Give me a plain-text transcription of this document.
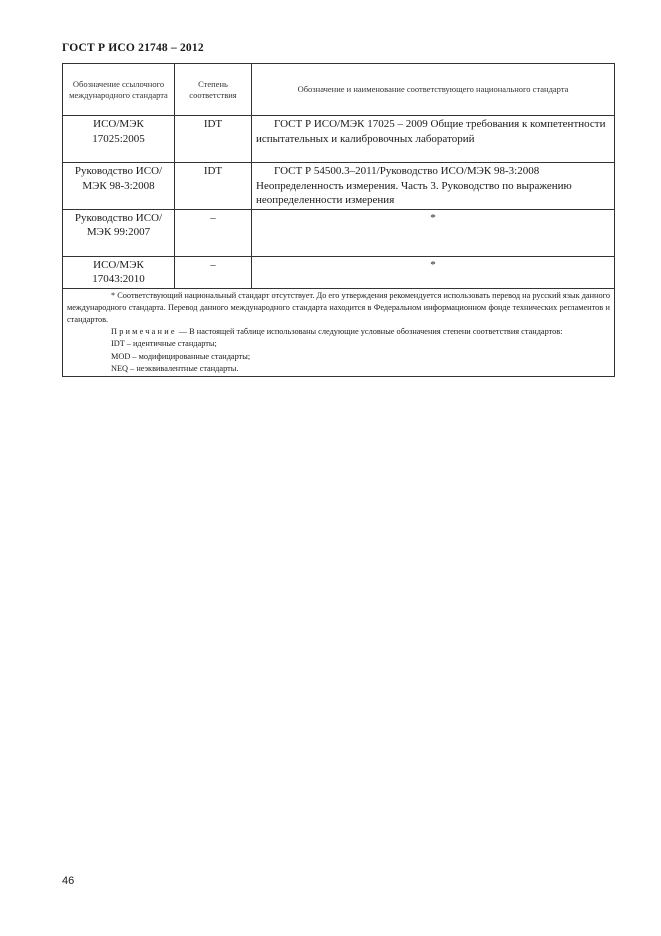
ГОСТ Р ИСО 21748 – 2012
Обозначение ссылочного международного стандарта	Степень соответствия	Обозначение и наименование соответствующего национального стандарта
ИСО/МЭК 17025:2005	IDT	ГОСТ Р ИСО/МЭК 17025 – 2009 Общие требования к компетентности испытательных и калибровочных лабораторий
Руководство ИСО/МЭК 98-3:2008	IDT	ГОСТ Р 54500.3–2011/Руководство ИСО/МЭК 98-3:2008 Неопределенность измерения. Часть 3. Руководство по выражению неопределенности измерения
Руководство ИСО/МЭК 99:2007	–	*
ИСО/МЭК 17043:2010	–	*

* Соответствующий национальный стандарт отсутствует. До его утверждения рекомендуется использовать перевод на русский язык данного международного стандарта. Перевод данного международного стандарта находится в Федеральном информационном фонде технических регламентов и стандартов.

Примечание — В настоящей таблице использованы следующие условные обозначения степени соответствия стандартов:

IDT – идентичные стандарты;

MOD – модифицированные стандарты;

NEQ – неэквивалентные стандарты.		

46
